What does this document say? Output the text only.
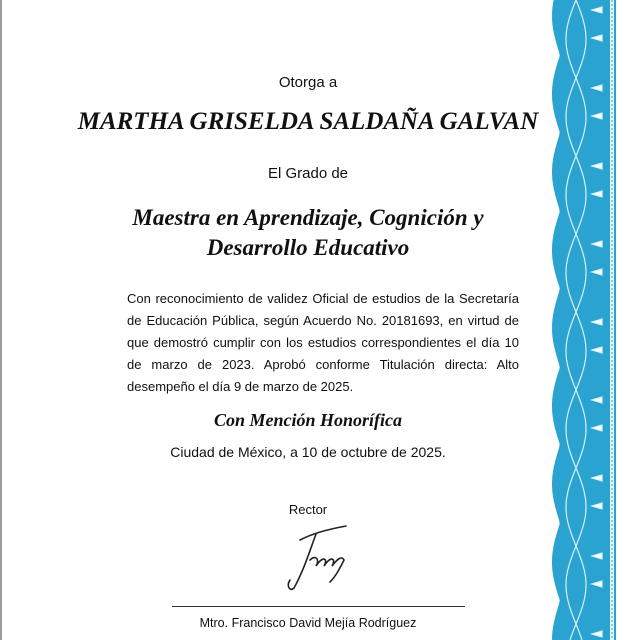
Otorga a
MARTHA GRISELDA SALDAÑA GALVAN
El Grado de
Maestra en Aprendizaje, Cognición y
Desarrollo Educativo
Con reconocimiento de validez Oficial de estudios de la Secretaría
de Educación Pública, según Acuerdo No. 20181693, en virtud de
que demostró cumplir con los estudios correspondientes el día 10
de marzo de 2023. Aprobó conforme Titulación directa: Alto
desempeño el día 9 de marzo de 2025.
Con Mención Honorífica
Ciudad de México, a 10 de octubre de 2025.
Rector
Mtro. Francisco David Mejía Rodríguez
